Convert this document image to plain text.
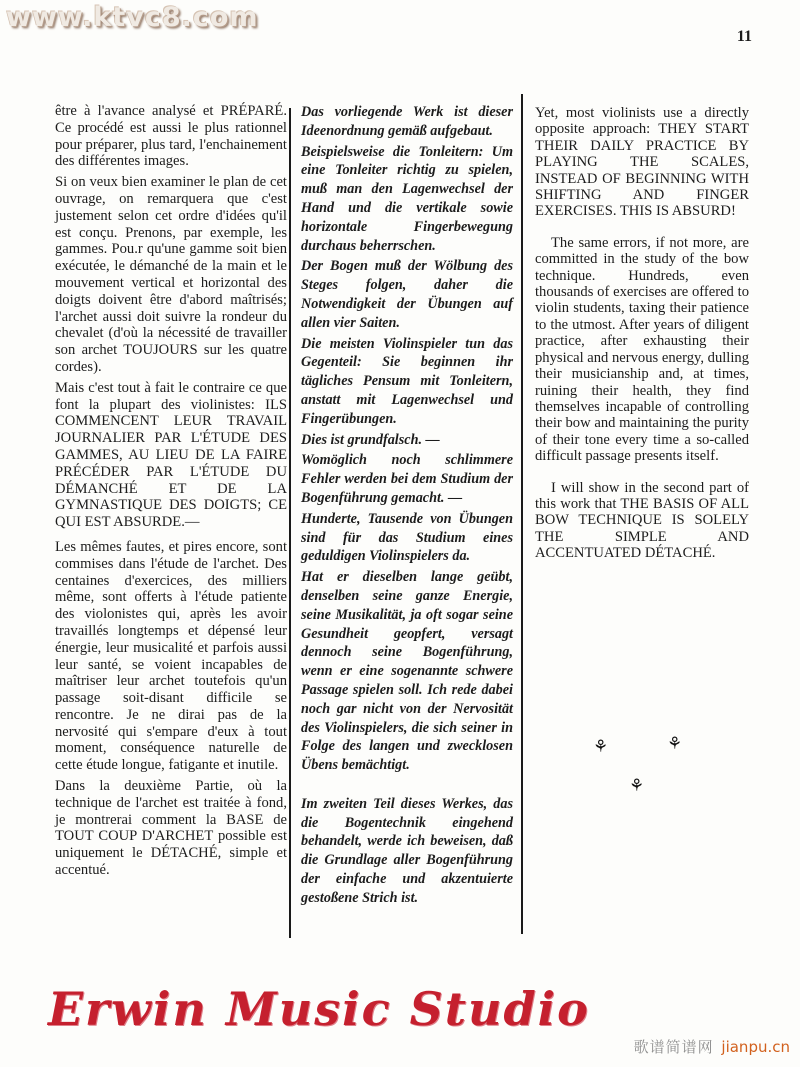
www.ktvc8.com
11

être à l'avance analysé et PRÉPARÉ. Ce procédé est aussi le plus rationnel pour préparer, plus tard, l'enchainement des différentes images.

Si on veux bien examiner le plan de cet ouvrage, on remarquera que c'est justement selon cet ordre d'idées qu'il est conçu. Prenons, par exemple, les gammes. Pou.r qu'une gamme soit bien exécutée, le démanché de la main et le mouvement vertical et horizontal des doigts doivent être d'abord maîtrisés; l'archet aussi doit suivre la rondeur du chevalet (d'où la nécessité de travailler son archet TOUJOURS sur les quatre cordes).

Mais c'est tout à fait le contraire ce que font la plupart des violinistes: ILS COMMENCENT LEUR TRAVAIL JOURNALIER PAR L'ÉTUDE DES GAMMES, AU LIEU DE LA FAIRE PRÉCÉDER PAR L'ÉTUDE DU DÉMANCHÉ ET DE LA GYMNASTIQUE DES DOIGTS; CE QUI EST ABSURDE.—

Les mêmes fautes, et pires encore, sont commises dans l'étude de l'archet. Des centaines d'exercices, des milliers même, sont offerts à l'étude patiente des violonistes qui, après les avoir travaillés longtemps et dépensé leur énergie, leur musicalité et parfois aussi leur santé, se voient incapables de maîtriser leur archet toutefois qu'un passage soit-disant difficile se rencontre. Je ne dirai pas de la nervosité qui s'empare d'eux à tout moment, conséquence naturelle de cette étude longue, fatigante et inutile.

Dans la deuxième Partie, où la technique de l'archet est traitée à fond, je montrerai comment la BASE de TOUT COUP D'ARCHET possible est uniquement le DÉTACHÉ, simple et accentué.

Das vorliegende Werk ist dieser Ideenordnung gemäß aufgebaut.

Beispielsweise die Tonleitern: Um eine Tonleiter richtig zu spielen, muß man den Lagenwechsel der Hand und die vertikale sowie horizontale Fingerbewegung durchaus beherrschen.

Der Bogen muß der Wölbung des Steges folgen, daher die Notwendigkeit der Übungen auf allen vier Saiten.

Die meisten Violinspieler tun das Gegenteil: Sie beginnen ihr tägliches Pensum mit Tonleitern, anstatt mit Lagenwechsel und Fingerübungen.

Dies ist grundfalsch. —

Womöglich noch schlimmere Fehler werden bei dem Studium der Bogenführung gemacht. —

Hunderte, Tausende von Übungen sind für das Studium eines geduldigen Violinspielers da.

Hat er dieselben lange geübt, denselben seine ganze Energie, seine Musikalität, ja oft sogar seine Gesundheit geopfert, versagt dennoch seine Bogenführung, wenn er eine sogenannte schwere Passage spielen soll. Ich rede dabei noch gar nicht von der Nervosität des Violinspielers, die sich seiner in Folge des langen und zwecklosen Übens bemächtigt.

Im zweiten Teil dieses Werkes, das die Bogentechnik eingehend behandelt, werde ich beweisen, daß die Grundlage aller Bogenführung der einfache und akzentuierte gestoßene Strich ist.

Yet, most violinists use a directly opposite approach: THEY START THEIR DAILY PRACTICE BY PLAYING THE SCALES, INSTEAD OF BEGINNING WITH SHIFTING AND FINGER EXERCISES. THIS IS ABSURD!

The same errors, if not more, are committed in the study of the bow technique. Hundreds, even thousands of exercises are offered to violin students, taxing their patience to the utmost. After years of diligent practice, after exhausting their physical and nervous energy, dulling their musicianship and, at times, ruining their health, they find themselves incapable of controlling their bow and maintaining the purity of their tone every time a so-called difficult passage presents itself.

I will show in the second part of this work that THE BASIS OF ALL BOW TECHNIQUE IS SOLELY THE SIMPLE AND ACCENTUATED DÉTACHÉ.

⚘	⚘
⚘
Erwin Music Studio
歌谱简谱网 jianpu.cn
